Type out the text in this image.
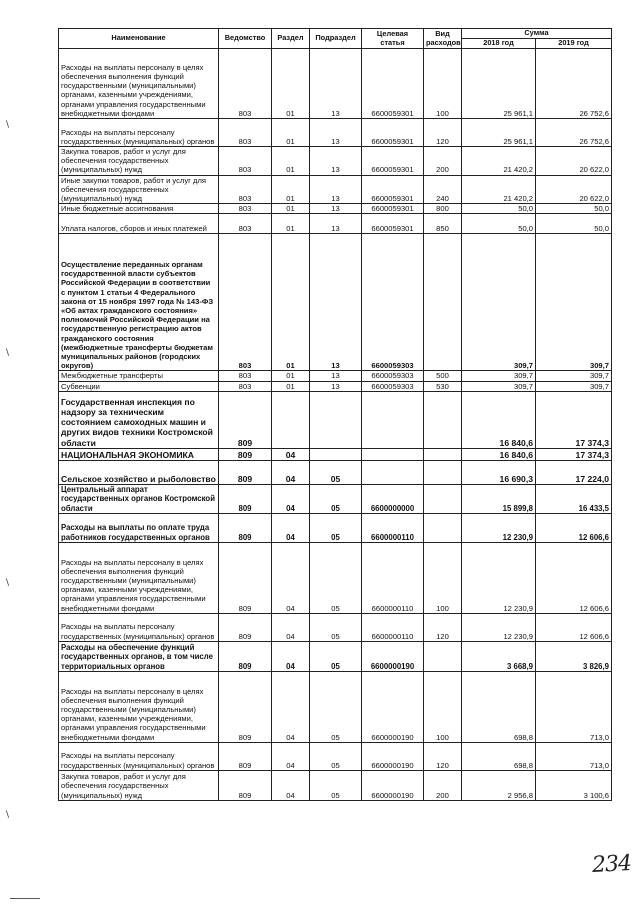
Наименование	Ведомство	Раздел	Подраздел	Целевая статья	Вид расходов	Сумма	
						2018 год	2019 год
Расходы на выплаты персоналу в целях обеспечения выполнения функций государственными (муниципальными) органами, казенными учреждениями, органами управления государственными внебюджетными фондами	803	01	13	6600059301	100	25 961,1	26 752,6
Расходы на выплаты персоналу государственных (муниципальных) органов	803	01	13	6600059301	120	25 961,1	26 752,6
Закупка товаров, работ и услуг для обеспечения государственных (муниципальных) нужд	803	01	13	6600059301	200	21 420,2	20 622,0
Иные закупки товаров, работ и услуг для обеспечения государственных (муниципальных) нужд	803	01	13	6600059301	240	21 420,2	20 622,0
Иные бюджетные ассигнования	803	01	13	6600059301	800	50,0	50,0
Уплата налогов, сборов и иных платежей	803	01	13	6600059301	850	50,0	50,0
Осуществление переданных органам государственной власти субъектов Российской Федерации в соответствии с пунктом 1 статьи 4 Федерального закона от 15 ноября 1997 года № 143-ФЗ «Об актах гражданского состояния» полномочий Российской Федерации на государственную регистрацию актов гражданского состояния (межбюджетные трансферты бюджетам муниципальных районов (городских округов)	803	01	13	6600059303		309,7	309,7
Межбюджетные трансферты	803	01	13	6600059303	500	309,7	309,7
Субвенции	803	01	13	6600059303	530	309,7	309,7
Государственная инспекция по надзору за техническим состоянием самоходных машин и других видов техники Костромской области	809					16 840,6	17 374,3
НАЦИОНАЛЬНАЯ ЭКОНОМИКА	809	04				16 840,6	17 374,3
Сельское хозяйство и рыболовство	809	04	05			16 690,3	17 224,0
Центральный аппарат государственных органов Костромской области	809	04	05	6600000000		15 899,8	16 433,5
Расходы на выплаты по оплате труда работников государственных органов	809	04	05	6600000110		12 230,9	12 606,6
Расходы на выплаты персоналу в целях обеспечения выполнения функций государственными (муниципальными) органами, казенными учреждениями, органами управления государственными внебюджетными фондами	809	04	05	6600000110	100	12 230,9	12 606,6
Расходы на выплаты персоналу государственных (муниципальных) органов	809	04	05	6600000110	120	12 230,9	12 606,6
Расходы на обеспечение функций государственных органов, в том числе территориальных органов	809	04	05	6600000190		3 668,9	3 826,9
Расходы на выплаты персоналу в целях обеспечения выполнения функций государственными (муниципальными) органами, казенными учреждениями, органами управления государственными внебюджетными фондами	809	04	05	6600000190	100	698,8	713,0
Расходы на выплаты персоналу государственных (муниципальных) органов	809	04	05	6600000190	120	698,8	713,0
Закупка товаров, работ и услуг для обеспечения государственных (муниципальных) нужд	809	04	05	6600000190	200	2 956,8	3 100,6
\
\
\
\
234
